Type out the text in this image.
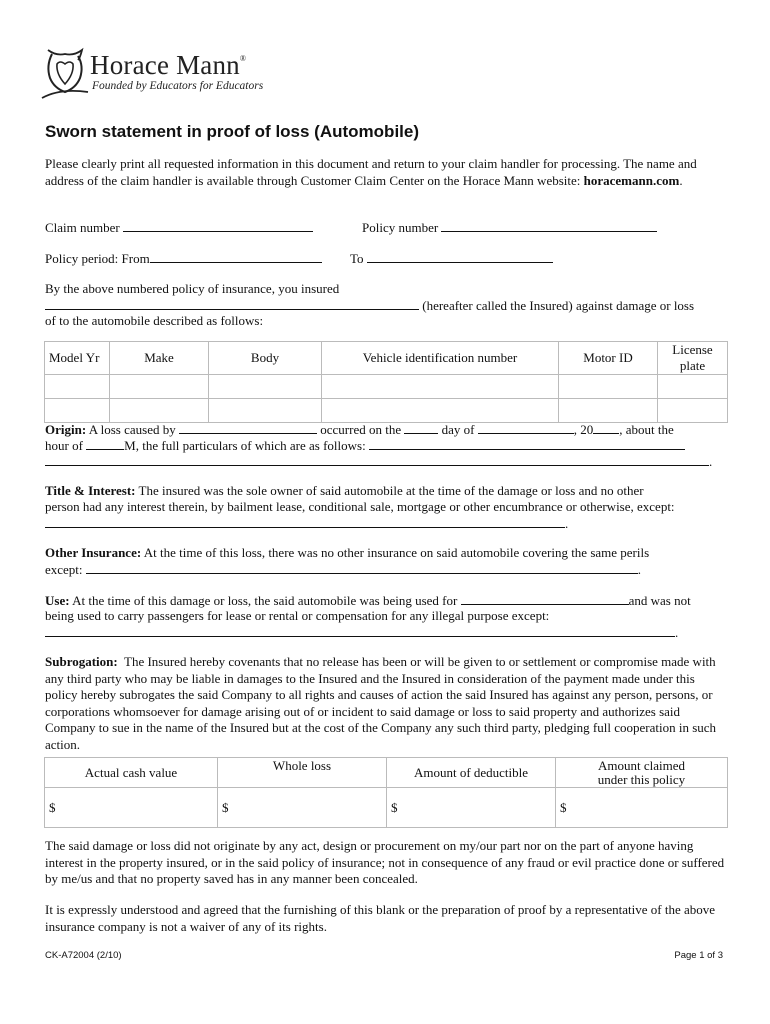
Horace Mann®
Founded by Educators for Educators
Sworn statement in proof of loss (Automobile)
Please clearly print all requested information in this document and return to your claim handler for processing. The name and address of the claim handler is available through Customer Claim Center on the Horace Mann website: horacemann.com.
Claim number	Policy number
Policy period: From	To
By the above numbered policy of insurance, you insured
(hereafter called the Insured) against damage or loss
of to the automobile described as follows:
Model Yr	Make	Body	Vehicle identification number	Motor ID	License plate

Origin: A loss caused by	occurred on the	day of	, 20 , about the
hour of	M, the full particulars of which are as follows:
.
Title & Interest: The insured was the sole owner of said automobile at the time of the damage or loss and no other
person had any interest therein, by bailment lease, conditional sale, mortgage or other encumbrance or otherwise, except:
.
Other Insurance: At the time of this loss, there was no other insurance on said automobile covering the same perils
except:	.
Use: At the time of this damage or loss, the said automobile was being used for	and was not
being used to carry passengers for lease or rental or compensation for any illegal purpose except:
.
Subrogation: The Insured hereby covenants that no release has been or will be given to or settlement or compromise made with any third party who may be liable in damages to the Insured and the Insured in consideration of the payment made under this policy hereby subrogates the said Company to all rights and causes of action the said Insured has against any person, persons, or corporations whomsoever for damage arising out of or incident to said damage or loss to said property and authorizes said Company to sue in the name of the Insured but at the cost of the Company any such third party, pledging full cooperation in such action.
Actual cash value	Whole loss	Amount of deductible	Amount claimed under this policy
$	$	$	$
The said damage or loss did not originate by any act, design or procurement on my/our part nor on the part of anyone having interest in the property insured, or in the said policy of insurance; not in consequence of any fraud or evil practice done or suffered by me/us and that no property saved has in any manner been concealed.
It is expressly understood and agreed that the furnishing of this blank or the preparation of proof by a representative of the above insurance company is not a waiver of any of its rights.
CK-A72004 (2/10)	Page 1 of 3
